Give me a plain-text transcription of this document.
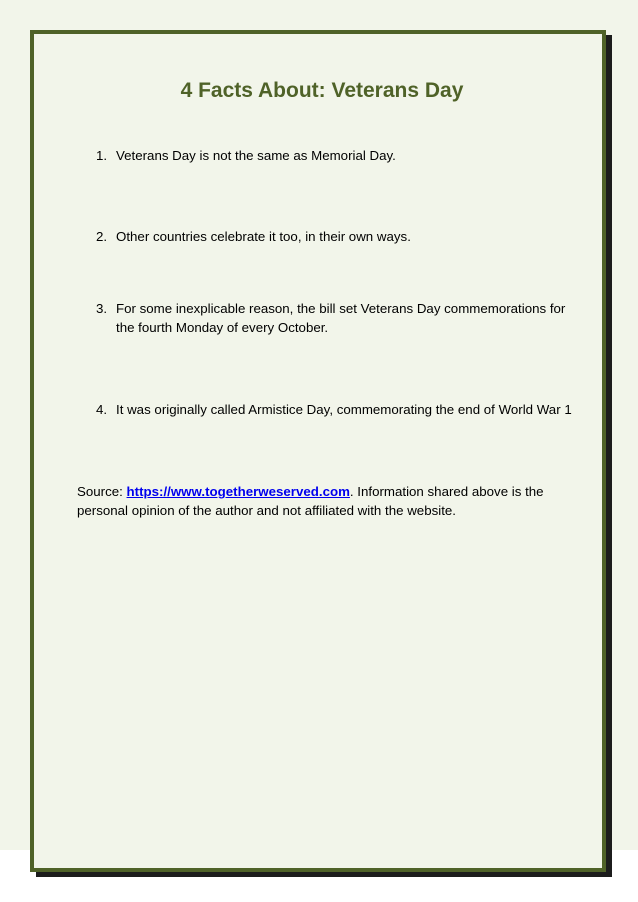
4 Facts About: Veterans Day
1. Veterans Day is not the same as Memorial Day.
2. Other countries celebrate it too, in their own ways.
3. For some inexplicable reason, the bill set Veterans Day commemorations for the fourth Monday of every October.
4. It was originally called Armistice Day, commemorating the end of World War 1
Source: https://www.togetherweserved.com. Information shared above is the personal opinion of the author and not affiliated with the website.
